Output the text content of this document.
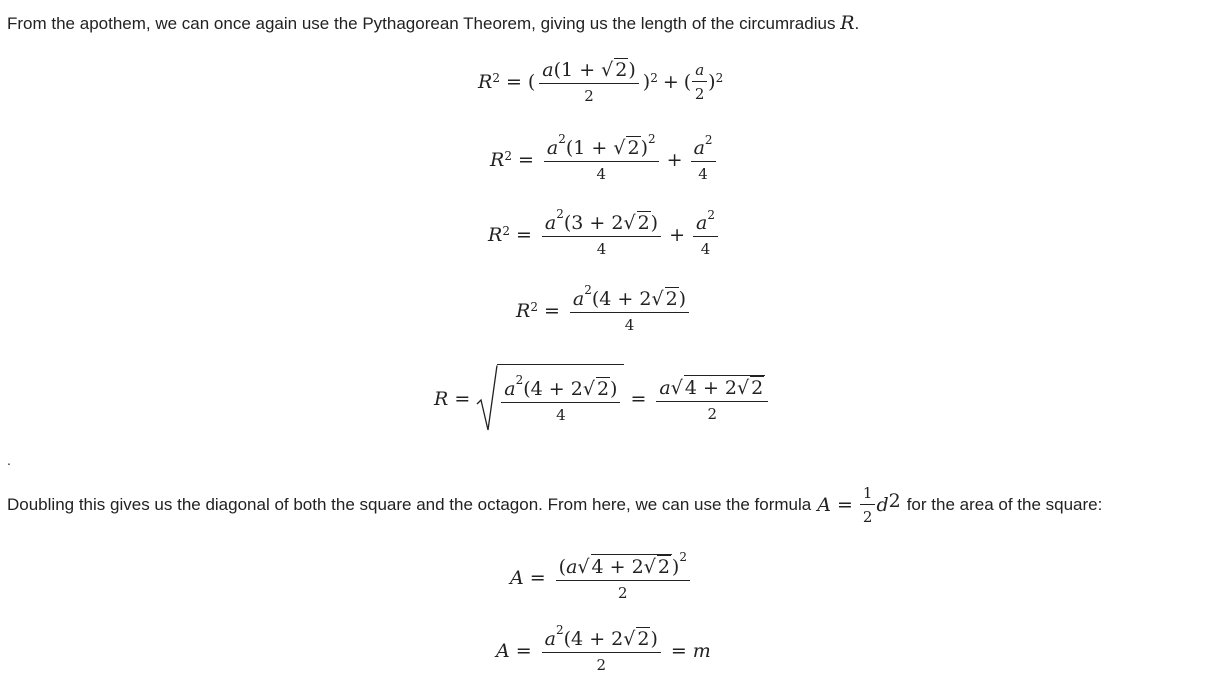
From the apothem, we can once again use the Pythagorean Theorem, giving us the length of the circumradius R.
$R^2$ = ( $\frac{a(1 + √ 2)}{2} )^2$ + ( $\frac{a}{2} )^2$
$R^2 = \frac{a^2(1 + √ 2)^2}{4} + \frac{a^2}{4}$
$R^2 = \frac{a^2(3 + 2√ 2)}{4} + \frac{a^2}{4}$
$R^2 = \frac{a^2(4 + 2√ 2)}{4}$
$R = \frac{a^2(4 + 2√ 2)}{4} = \frac{a√ 4 + 2√ 2}{2}$
.
Doubling this gives us the diagonal of both the square and the octagon. From here, we can use the formula $A = \frac{1}{2} d^2$ for the area of the square:
$A = \frac{(a√ 4 + 2√ 2 )^2}{2}$
$A = \frac{a^2(4 + 2√ 2)}{2} = m$
